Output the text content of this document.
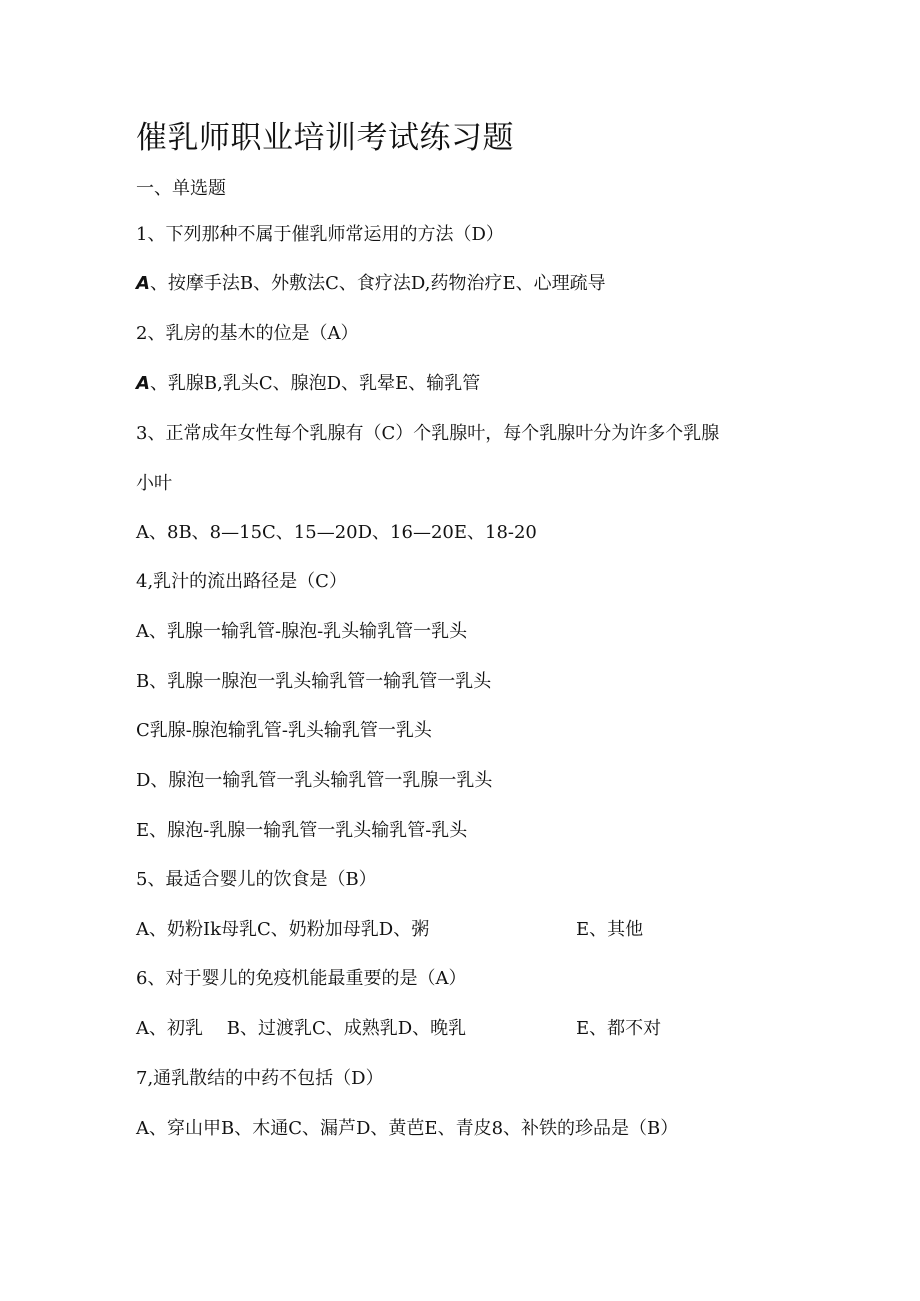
催乳师职业培训考试练习题
一、单选题
1、下列那种不属于催乳师常运用的方法（D）
A、按摩手法B、外敷法C、食疗法D,药物治疗E、心理疏导
2、乳房的基木的位是（A）
A、乳腺B,乳头C、腺泡D、乳晕E、输乳管
3、正常成年女性每个乳腺有（C）个乳腺叶，每个乳腺叶分为许多个乳腺
小叶
A、8B、8—15C、15—20D、16—20E、18-20
4,乳汁的流出路径是（C）
A、乳腺一输乳管-腺泡-乳头输乳管一乳头
B、乳腺一腺泡一乳头输乳管一输乳管一乳头
C乳腺-腺泡输乳管-乳头输乳管一乳头
D、腺泡一输乳管一乳头输乳管一乳腺一乳头
E、腺泡-乳腺一输乳管一乳头输乳管-乳头
5、最适合婴儿的饮食是（B）
A、奶粉Ik母乳C、奶粉加母乳D、粥	E、其他
6、对于婴儿的免疫机能最重要的是（A）
A、初乳　 B、过渡乳C、成熟乳D、晚乳	E、都不对
7,通乳散结的中药不包括（D）
A、穿山甲B、木通C、漏芦D、黄芭E、青皮8、补铁的珍品是（B）
